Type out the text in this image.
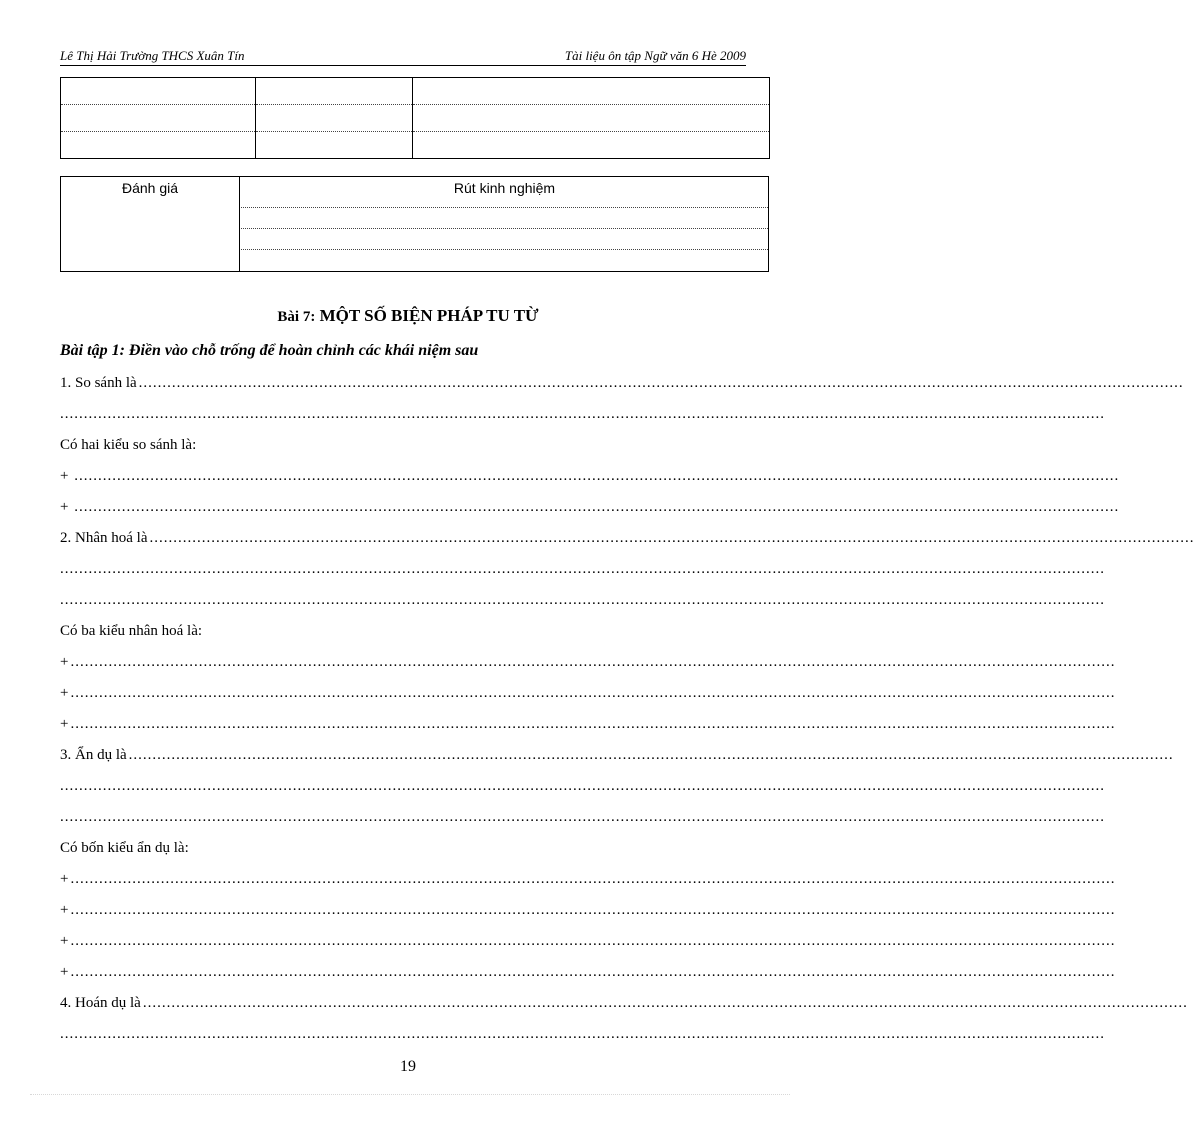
Lê Thị Hải Trường THCS Xuân Tín	Tài liệu ôn tập Ngữ văn 6 Hè 2009

Đánh giá	Rút kinh nghiệm
Bài 7: MỘT SỐ BIỆN PHÁP TU TỪ
Bài tập 1: Điền vào chỗ trống để hoàn chỉnh các khái niệm sau
1. So sánh là ............................................................................................................................................................................................................................
............................................................................................................................................................................................................................
Có hai kiểu so sánh là:
+ ............................................................................................................................................................................................................................
+ ............................................................................................................................................................................................................................
2. Nhân hoá là ............................................................................................................................................................................................................................
............................................................................................................................................................................................................................
............................................................................................................................................................................................................................
Có ba kiểu nhân hoá là:
+ ............................................................................................................................................................................................................................
+ ............................................................................................................................................................................................................................
+ ............................................................................................................................................................................................................................
3. Ẩn dụ là ............................................................................................................................................................................................................................
............................................................................................................................................................................................................................
............................................................................................................................................................................................................................
Có bốn kiểu ẩn dụ là:
+ ............................................................................................................................................................................................................................
+ ............................................................................................................................................................................................................................
+ ............................................................................................................................................................................................................................
+ ............................................................................................................................................................................................................................
4. Hoán dụ là ............................................................................................................................................................................................................................
............................................................................................................................................................................................................................
19
